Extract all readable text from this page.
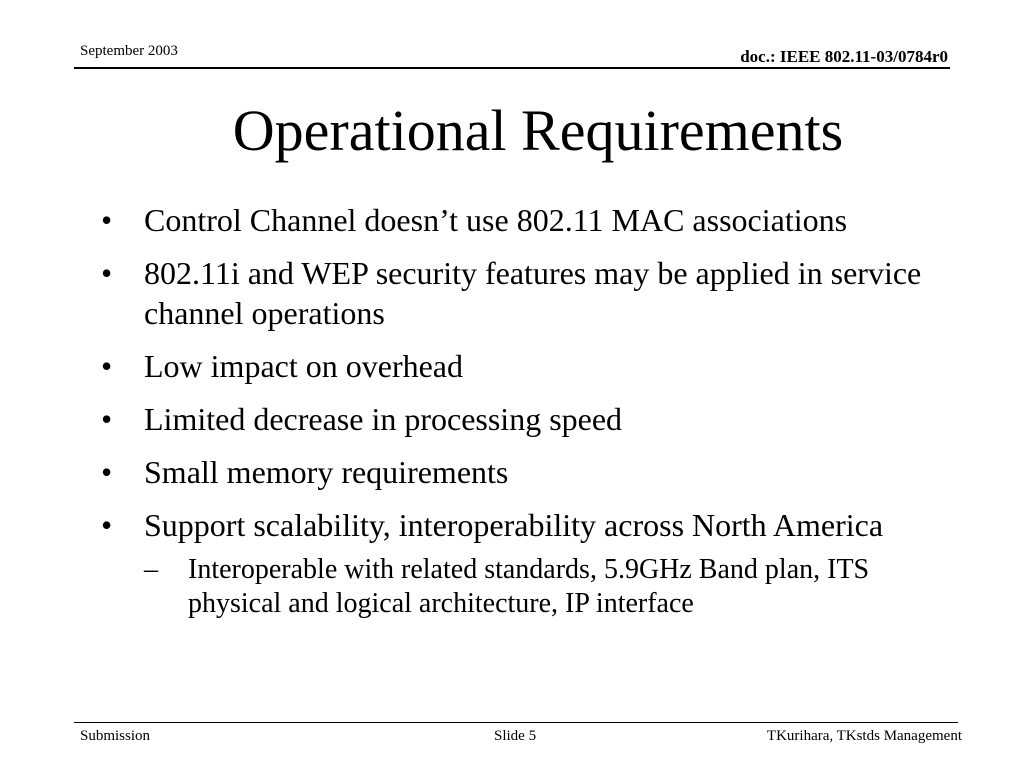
September 2003	doc.: IEEE 802.11-03/0784r0
Operational Requirements
• Control Channel doesn’t use 802.11 MAC associations
• 802.11i and WEP security features may be applied in service channel operations
• Low impact on overhead
• Limited decrease in processing speed
• Small memory requirements
• Support scalability, interoperability across North America
– Interoperable with related standards, 5.9GHz Band plan, ITS physical and logical architecture, IP interface
Submission	Slide 5	TKurihara, TKstds Management
